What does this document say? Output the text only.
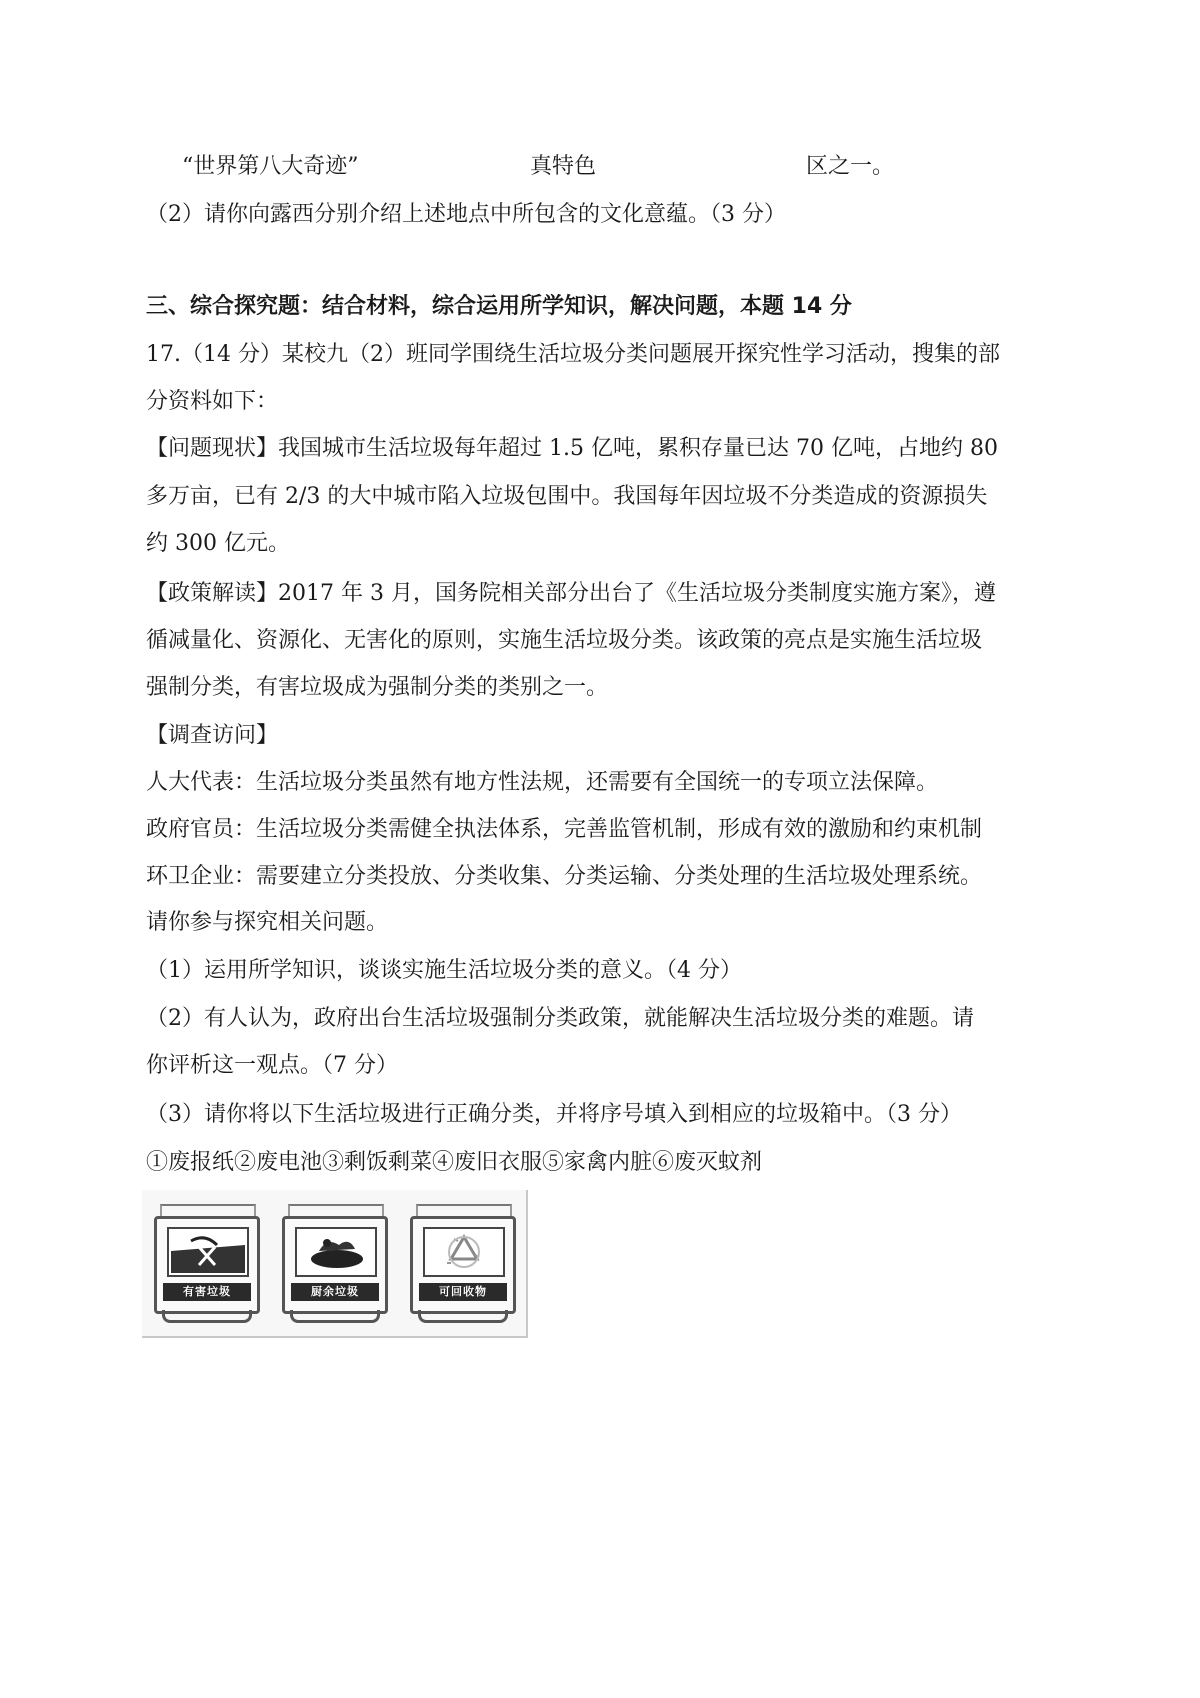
“世界第八大奇迹”	真特色	区之一。
（2）请你向露西分别介绍上述地点中所包含的文化意蕴。（3 分）
三、综合探究题：结合材料，综合运用所学知识，解决问题，本题 14 分
17.（14 分）某校九（2）班同学围绕生活垃圾分类问题展开探究性学习活动，搜集的部
分资料如下：
【问题现状】我国城市生活垃圾每年超过 1.5 亿吨，累积存量已达 70 亿吨，占地约 80
多万亩，已有 2/3 的大中城市陷入垃圾包围中。我国每年因垃圾不分类造成的资源损失
约 300 亿元。
【政策解读】2017 年 3 月，国务院相关部分出台了《生活垃圾分类制度实施方案》，遵
循减量化、资源化、无害化的原则，实施生活垃圾分类。该政策的亮点是实施生活垃圾
强制分类，有害垃圾成为强制分类的类别之一。
【调查访问】
人大代表：生活垃圾分类虽然有地方性法规，还需要有全国统一的专项立法保障。
政府官员：生活垃圾分类需健全执法体系，完善监管机制，形成有效的激励和约束机制
环卫企业：需要建立分类投放、分类收集、分类运输、分类处理的生活垃圾处理系统。
请你参与探究相关问题。
（1）运用所学知识，谈谈实施生活垃圾分类的意义。（4 分）
（2）有人认为，政府出台生活垃圾强制分类政策，就能解决生活垃圾分类的难题。请
你评析这一观点。（7 分）
（3）请你将以下生活垃圾进行正确分类，并将序号填入到相应的垃圾箱中。（3 分）
①废报纸②废电池③剩饭剩菜④废旧衣服⑤家禽内脏⑥废灭蚊剂
有害垃圾	厨余垃圾	可回收物
